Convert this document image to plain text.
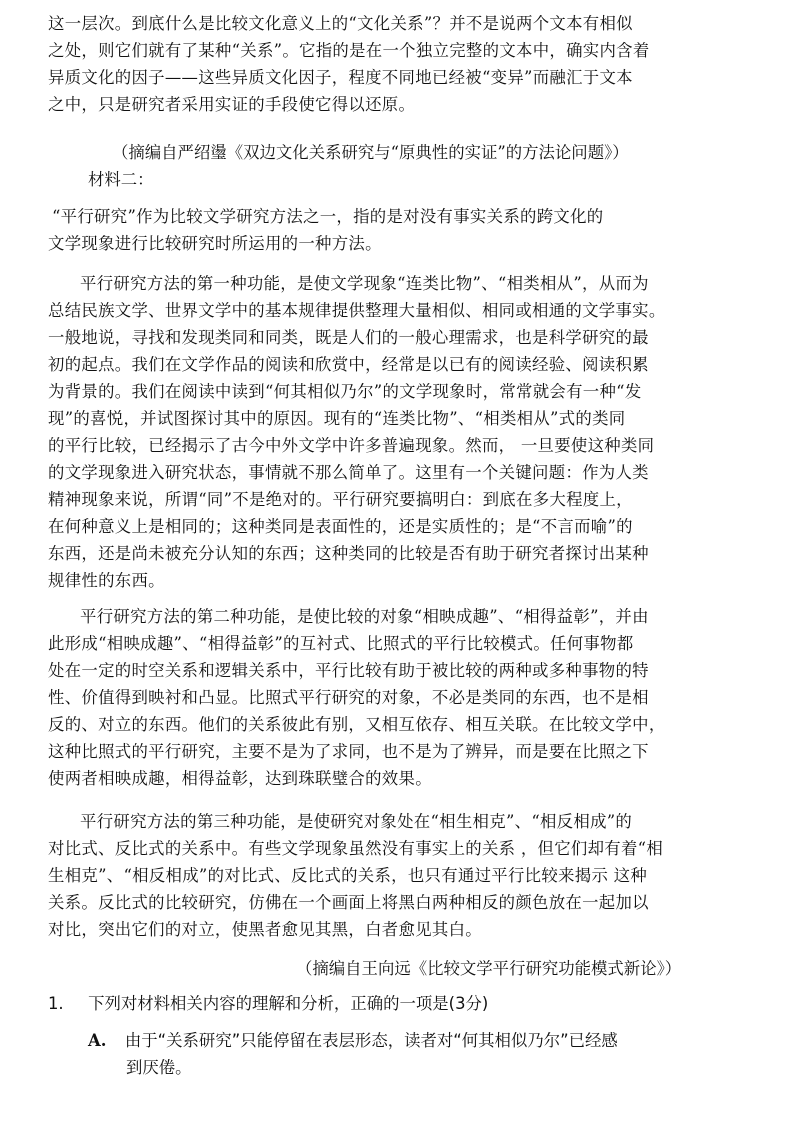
这一层次。到底什么是比较文化意义上的“文化关系”？并不是说两个文本有相似
之处，则它们就有了某种“关系”。它指的是在一个独立完整的文本中，确实内含着
异质文化的因子——这些异质文化因子，程度不同地已经被“变异”而融汇于文本
之中，只是研究者采用实证的手段使它得以还原。

（摘编自严绍璗《双边文化关系研究与“原典性的实证”的方法论问题》）

材料二：

“平行研究”作为比较文学研究方法之一，指的是对没有事实关系的跨文化的
文学现象进行比较研究时所运用的一种方法。
平行研究方法的第一种功能，是使文学现象“连类比物”、“相类相从”，从而为
总结民族文学、世界文学中的基本规律提供整理大量相似、相同或相通的文学事实。
一般地说，寻找和发现类同和同类，既是人们的一般心理需求，也是科学研究的最
初的起点。我们在文学作品的阅读和欣赏中，经常是以已有的阅读经验、阅读积累
为背景的。我们在阅读中读到“何其相似乃尔”的文学现象时，常常就会有一种“发
现”的喜悦，并试图探讨其中的原因。现有的“连类比物”、“相类相从”式的类同
的平行比较，已经揭示了古今中外文学中许多普遍现象。然而， 一旦要使这种类同
的文学现象进入研究状态，事情就不那么简单了。这里有一个关键问题：作为人类
精神现象来说，所谓“同”不是绝对的。平行研究要搞明白：到底在多大程度上，
在何种意义上是相同的；这种类同是表面性的，还是实质性的；是“不言而喻”的
东西，还是尚未被充分认知的东西；这种类同的比较是否有助于研究者探讨出某种
规律性的东西。
平行研究方法的第二种功能，是使比较的对象“相映成趣”、“相得益彰”，并由
此形成“相映成趣”、“相得益彰”的互衬式、比照式的平行比较模式。任何事物都
处在一定的时空关系和逻辑关系中，平行比较有助于被比较的两种或多种事物的特
性、价值得到映衬和凸显。比照式平行研究的对象，不必是类同的东西，也不是相
反的、对立的东西。他们的关系彼此有别，又相互依存、相互关联。在比较文学中，
这种比照式的平行研究，主要不是为了求同，也不是为了辨异，而是要在比照之下
使两者相映成趣，相得益彰，达到珠联璧合的效果。
平行研究方法的第三种功能，是使研究对象处在“相生相克”、“相反相成”的
对比式、反比式的关系中。有些文学现象虽然没有事实上的关系 ，但它们却有着“相
生相克”、“相反相成”的对比式、反比式的关系，也只有通过平行比较来揭示 这种
关系。反比式的比较研究，仿佛在一个画面上将黑白两种相反的颜色放在一起加以
对比，突出它们的对立，使黑者愈见其黑，白者愈见其白。

（摘编自王向远《比较文学平行研究功能模式新论》）

1. 下列对材料相关内容的理解和分析，正确的一项是(3分)

A. 由于“关系研究”只能停留在表层形态，读者对“何其相似乃尔”已经感
到厌倦。
